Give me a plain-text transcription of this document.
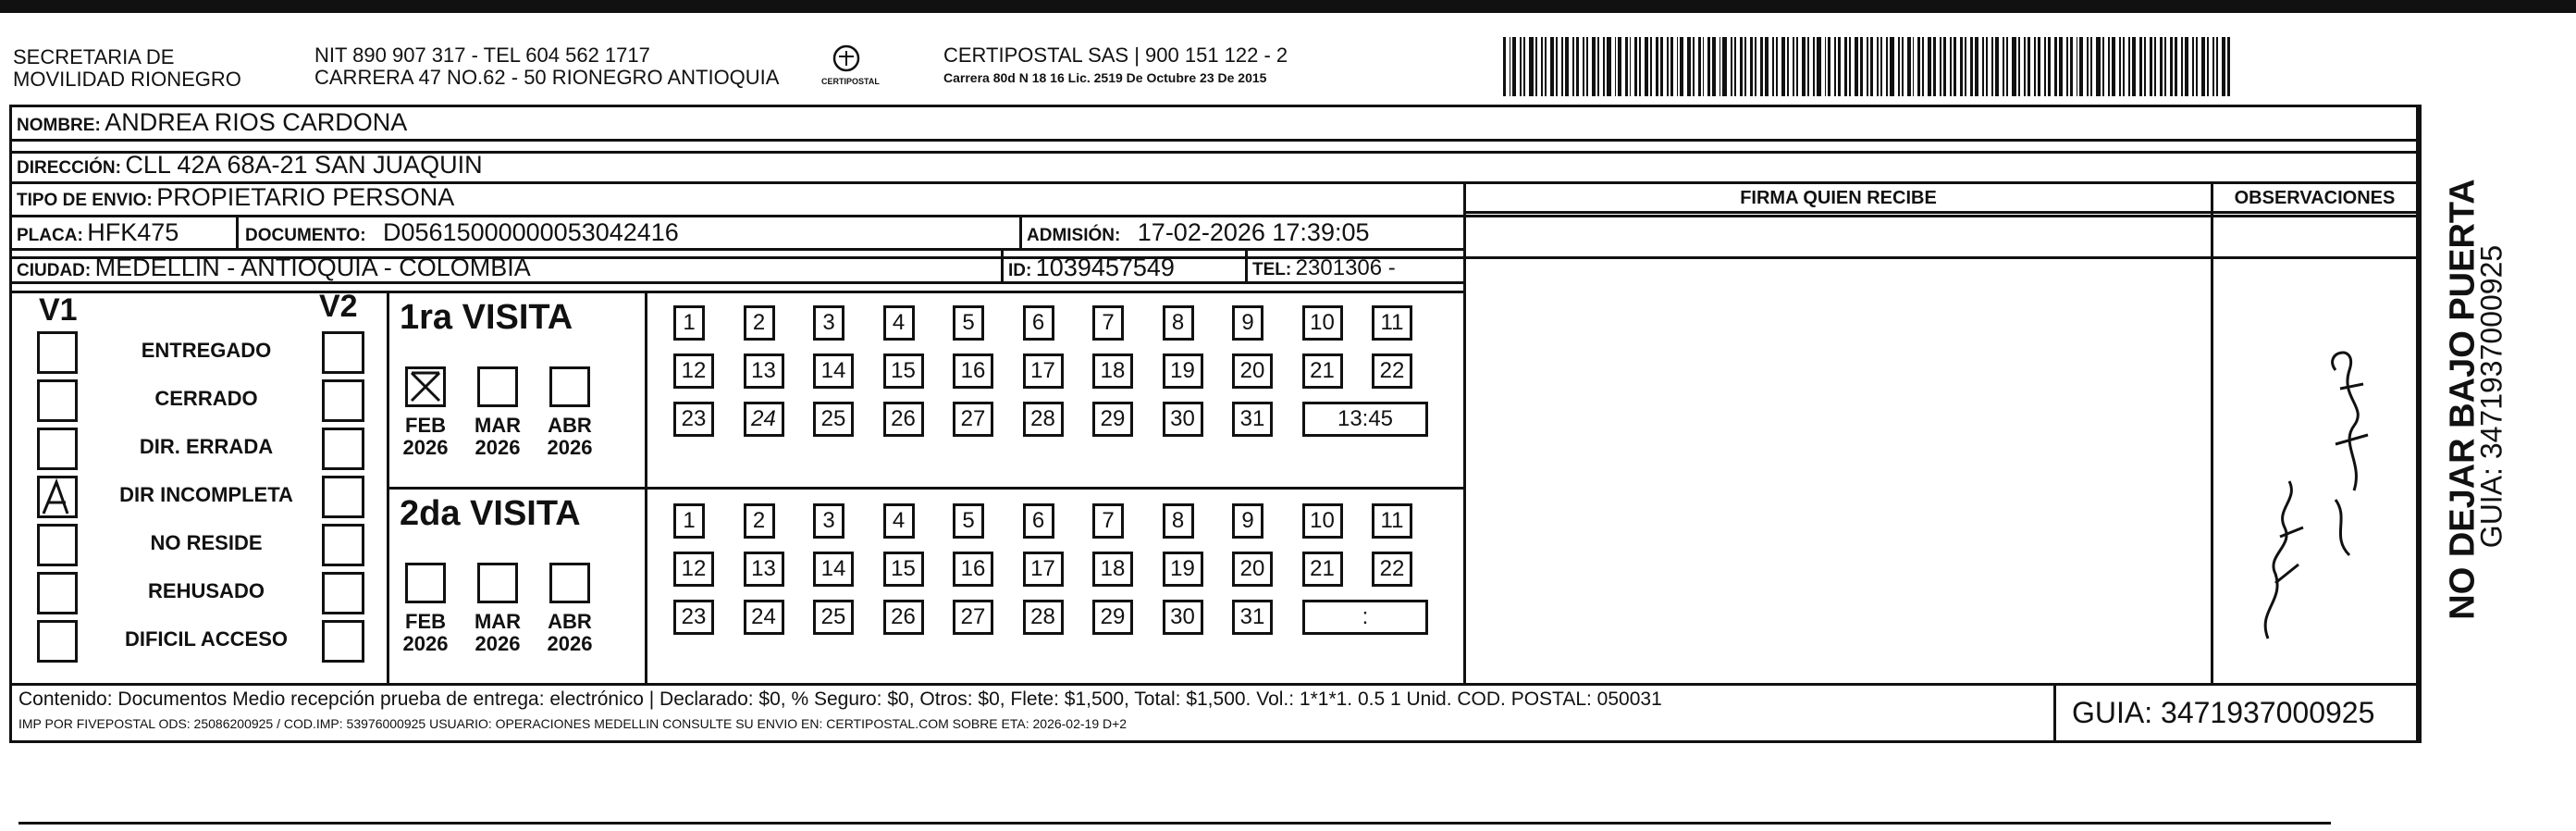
SECRETARIA DE
MOVILIDAD RIONEGRO
NIT 890 907 317 - TEL 604 562 1717
CARRERA 47 NO.62 - 50 RIONEGRO ANTIOQUIA	CERTIPOSTAL
CERTIPOSTAL SAS | 900 151 122 - 2
Carrera 80d N 18 16 Lic. 2519 De Octubre 23 De 2015
NOMBRE: ANDREA RIOS CARDONA
DIRECCIÓN: CLL 42A 68A-21 SAN JUAQUIN
TIPO DE ENVIO: PROPIETARIO PERSONA
PLACA: HFK475	DOCUMENTO: D05615000000053042416	ADMISIÓN: 17-02-2026 17:39:05
CIUDAD: MEDELLIN - ANTIOQUIA - COLOMBIA	ID: 1039457549	TEL: 2301306 -
FIRMA QUIEN RECIBE	OBSERVACIONES	NO DEJAR BAJO PUERTA
GUIA: 3471937000925
V1	V2
ENTREGADO
CERRADO
DIR. ERRADA
DIR INCOMPLETA
NO RESIDE
REHUSADO
DIFICIL ACCESO
1ra VISITA
FEB
2026
MAR
2026
ABR
2026
1	2	3	4	5	6	7	8	9	10	11
12	13	14	15	16	17	18	19	20	21	22
23	24	25	26	27	28	29	30	31	13:45
2da VISITA
FEB
2026
MAR
2026
ABR
2026
1	2	3	4	5	6	7	8	9	10	11
12	13	14	15	16	17	18	19	20	21	22
23	24	25	26	27	28	29	30	31	:
Contenido: Documentos Medio recepción prueba de entrega: electrónico | Declarado: $0, % Seguro: $0, Otros: $0, Flete: $1,500, Total: $1,500. Vol.: 1*1*1. 0.5 1 Unid. COD. POSTAL: 050031
IMP POR FIVEPOSTAL ODS: 25086200925 / COD.IMP: 53976000925 USUARIO: OPERACIONES MEDELLIN CONSULTE SU ENVIO EN: CERTIPOSTAL.COM SOBRE ETA: 2026-02-19 D+2	GUIA: 3471937000925
